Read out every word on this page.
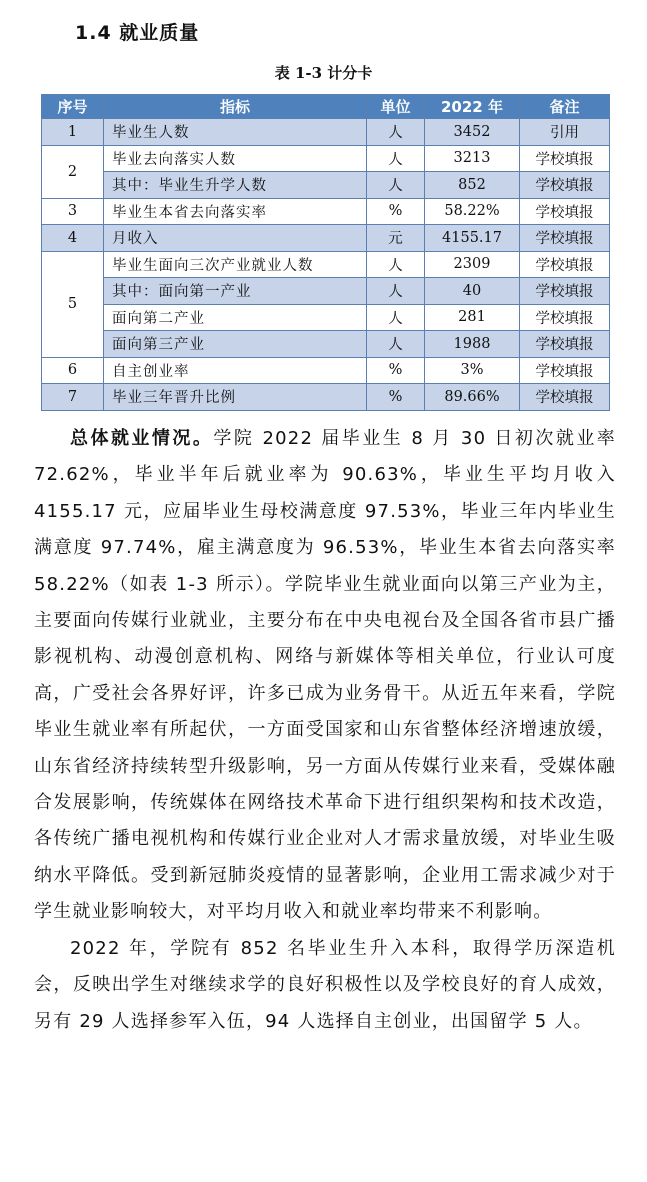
1.4 就业质量
表 1-3 计分卡
序号	指标	单位	2022 年	备注
1	毕业生人数	人	3452	引用
2	毕业去向落实人数	人	3213	学校填报
	其中：毕业生升学人数	人	852	学校填报
3	毕业生本省去向落实率	%	58.22%	学校填报
4	月收入	元	4155.17	学校填报
5	毕业生面向三次产业就业人数	人	2309	学校填报
	其中：面向第一产业	人	40	学校填报
	面向第二产业	人	281	学校填报
	面向第三产业	人	1988	学校填报
6	自主创业率	%	3%	学校填报
7	毕业三年晋升比例	%	89.66%	学校填报

总体就业情况。学院 2022 届毕业生 8 月 30 日初次就业率 72.62%，毕业半年后就业率为 90.63%，毕业生平均月收入 4155.17 元，应届毕业生母校满意度 97.53%，毕业三年内毕业生满意度 97.74%，雇主满意度为 96.53%，毕业生本省去向落实率 58.22%（如表 1-3 所示）。学院毕业生就业面向以第三产业为主，主要面向传媒行业就业，主要分布在中央电视台及全国各省市县广播影视机构、动漫创意机构、网络与新媒体等相关单位，行业认可度高，广受社会各界好评，许多已成为业务骨干。从近五年来看，学院毕业生就业率有所起伏，一方面受国家和山东省整体经济增速放缓，山东省经济持续转型升级影响，另一方面从传媒行业来看，受媒体融合发展影响，传统媒体在网络技术革命下进行组织架构和技术改造，各传统广播电视机构和传媒行业企业对人才需求量放缓，对毕业生吸纳水平降低。受到新冠肺炎疫情的显著影响，企业用工需求减少对于学生就业影响较大，对平均月收入和就业率均带来不利影响。

2022 年，学院有 852 名毕业生升入本科，取得学历深造机会，反映出学生对继续求学的良好积极性以及学校良好的育人成效，另有 29 人选择参军入伍，94 人选择自主创业，出国留学 5 人。
